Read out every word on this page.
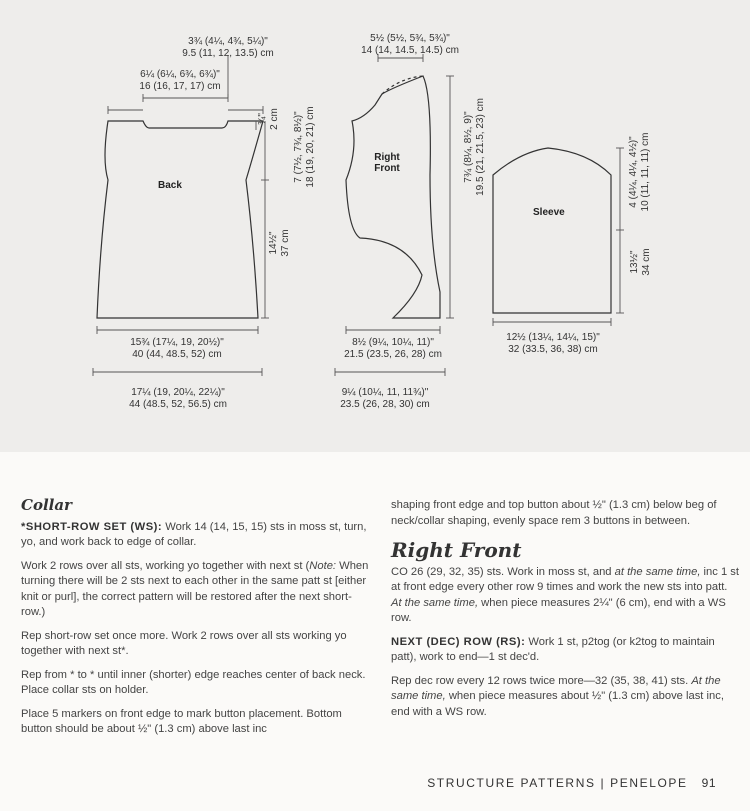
3¾ (4¼, 4¾, 5¼)"
9.5 (11, 12, 13.5) cm
6¼ (6¼, 6¾, 6¾)"
16 (16, 17, 17) cm
Back
¾" 2 cm 7 (7½, 7¾, 8½)" 18 (19, 20, 21) cm
14½" 37 cm
15¾ (17¼, 19, 20½)"
40 (44, 48.5, 52) cm
17¼ (19, 20¼, 22¼)"
44 (48.5, 52, 56.5) cm
5½ (5½, 5¾, 5¾)"
14 (14, 14.5, 14.5) cm
Right
Front	7¾ (8¼, 8½, 9)" 19.5 (21, 21.5, 23) cm
8½ (9¼, 10¼, 11)"
21.5 (23.5, 26, 28) cm
9¼ (10¼, 11, 11¾)"
23.5 (26, 28, 30) cm
Sleeve
4 (4¼, 4¼, 4½)" 10 (11, 11, 11) cm
13½" 34 cm
12½ (13¼, 14¼, 15)"
32 (33.5, 36, 38) cm
Collar

*SHORT-ROW SET (WS): Work 14 (14, 15, 15) sts in moss st, turn, yo, and work back to edge of collar.

Work 2 rows over all sts, working yo together with next st (Note: When turning there will be 2 sts next to each other in the same patt st [either knit or purl], the correct pattern will be restored after the next short-row.)

Rep short-row set once more. Work 2 rows over all sts working yo together with next st*.

Rep from * to * until inner (shorter) edge reaches center of back neck. Place collar sts on holder.

Place 5 markers on front edge to mark button placement. Bottom button should be about ½" (1.3 cm) above last inc

shaping front edge and top button about ½" (1.3 cm) below beg of neck/collar shaping, evenly space rem 3 buttons in between.

Right Front

CO 26 (29, 32, 35) sts. Work in moss st, and at the same time, inc 1 st at front edge every other row 9 times and work the new sts into patt. At the same time, when piece measures 2¼" (6 cm), end with a WS row.

NEXT (DEC) ROW (RS): Work 1 st, p2tog (or k2tog to maintain patt), work to end—1 st dec'd.

Rep dec row every 12 rows twice more—32 (35, 38, 41) sts. At the same time, when piece measures about ½" (1.3 cm) above last inc, end with a WS row.

STRUCTURE PATTERNS | PENELOPE 91
